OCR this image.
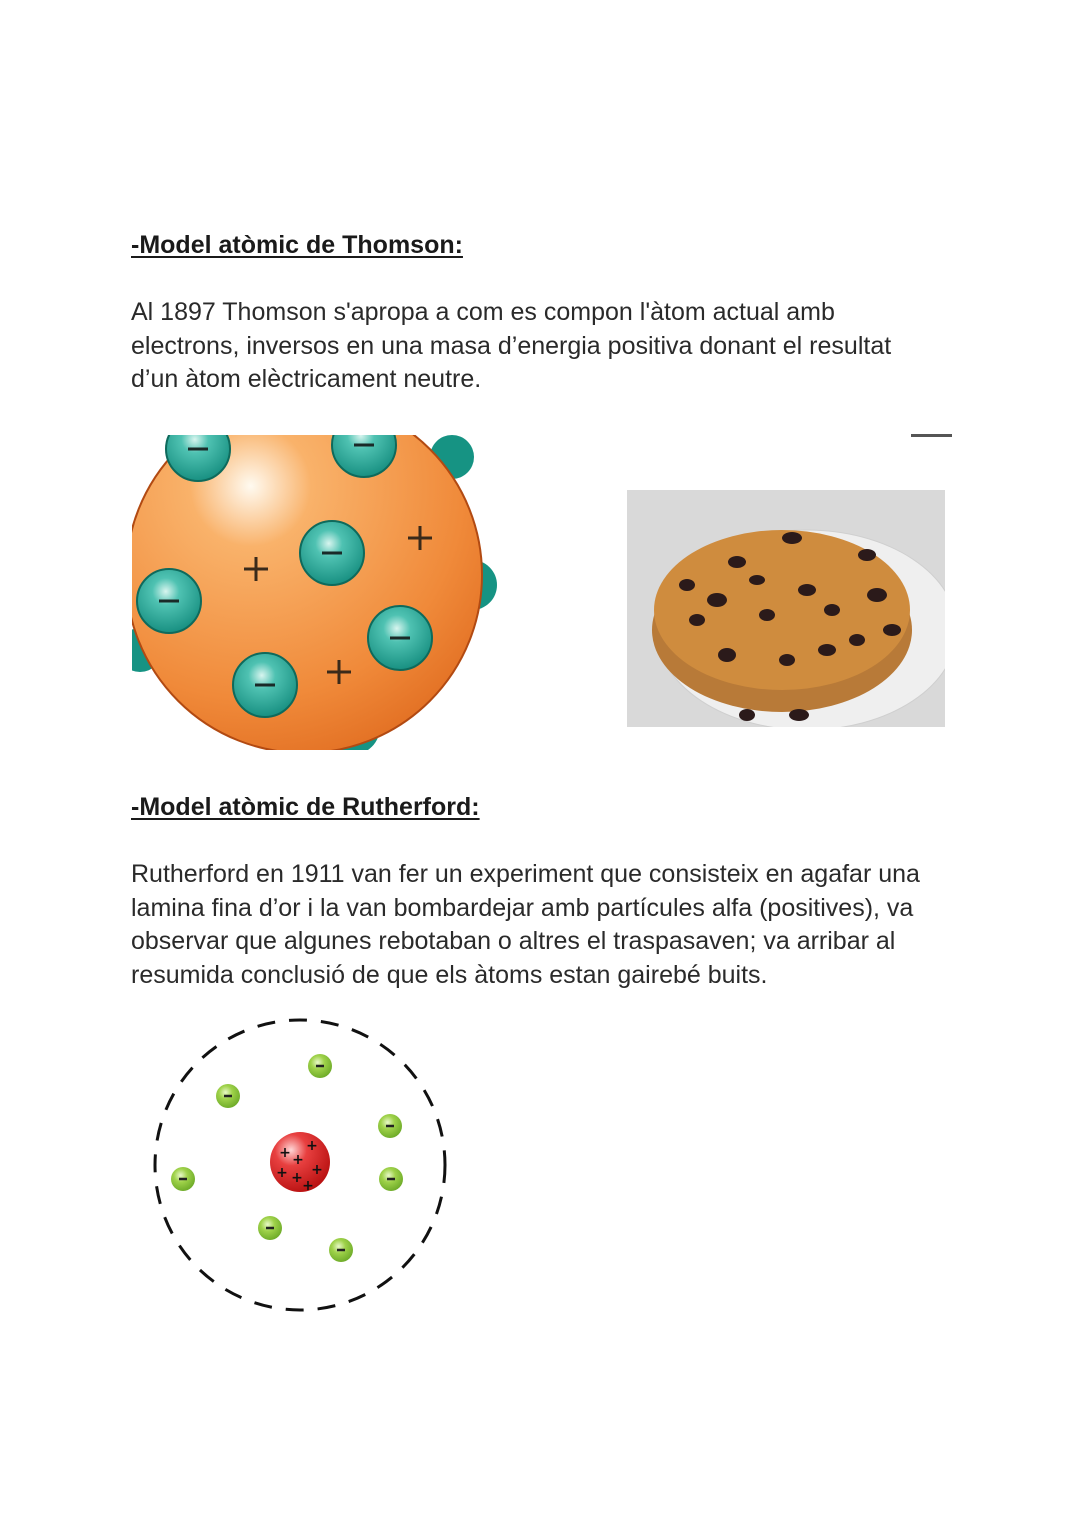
-Model atòmic de Thomson:
Al 1897 Thomson s'apropa a com es compon l'àtom actual amb
electrons, inversos en una masa d’energia positiva donant el resultat
d’un àtom elèctricament neutre.
-Model atòmic de Rutherford:
Rutherford en 1911 van fer un experiment que consisteix en agafar una
lamina fina d’or i la van bombardejar amb partícules alfa (positives), va
observar que algunes rebotaban o altres el traspasaven; va arribar al
resumida conclusió de que els àtoms estan gairebé buits.
+ +
+
+ + +
+
